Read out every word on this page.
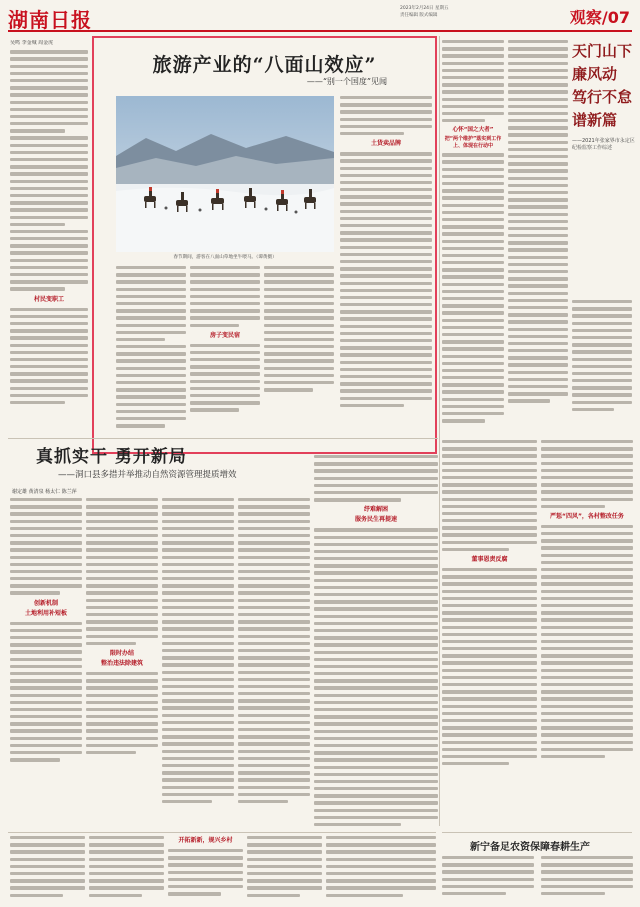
湖南日报	2023年2月24日 星期五
责任编辑 版式编辑	观察/07
吴鸣 李金城 周金虎
村民变职工
旅游产业的“八面山效应”
——“别一个国度”见闻
春节期间，游客在八面山草地坐牛喂马。（谭黄摄）
房子变民宿
土货卖品牌
心怀“国之大者”
把“两个维护”落实到工作上、体现在行动中
天门山下廉风动
笃行不怠谱新篇
——2021年张家界市永定区纪检监察工作综述
真抓实干 勇开新局
——洞口县多措并举推动自然资源管理提质增效
谢定雄 黄清泉 杨太仁 陈兰萍
创新机制
土地利用补短板
限时办结
整治违法除建筑
纾难解困
服务民生再提速
董事恩责反腐
严惩“四风”，各村整改任务
开拓新新，规兴乡村
新宁备足农资保障春耕生产
